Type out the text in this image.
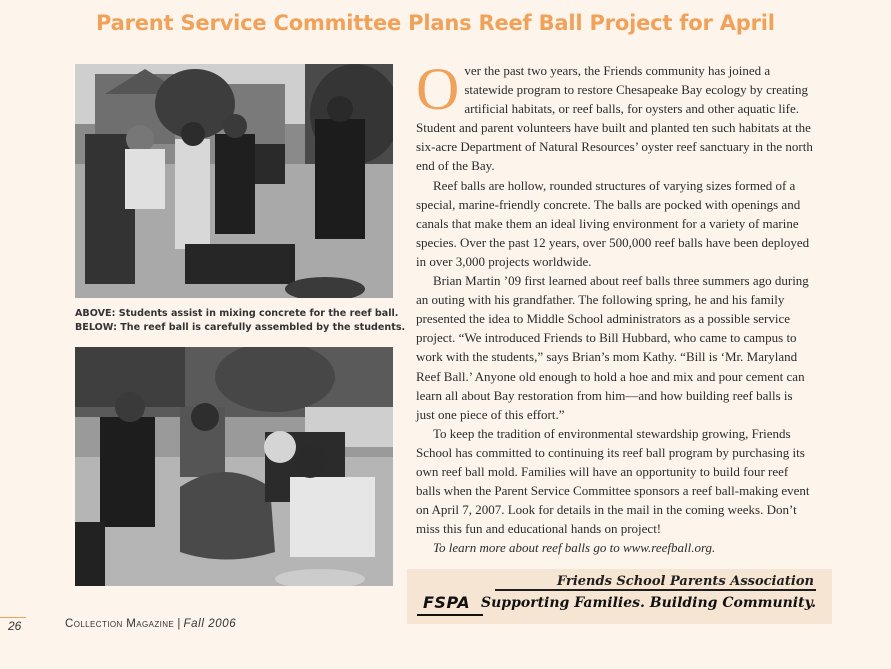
Parent Service Committee Plans Reef Ball Project for April
ABOVE: Students assist in mixing concrete for the reef ball.
BELOW: The reef ball is carefully assembled by the students.

Over the past two years, the Friends community has joined a statewide program to restore Chesapeake Bay ecology by creating artificial habitats, or reef balls, for oysters and other aquatic life. Student and parent volunteers have built and planted ten such habitats at the six-acre Department of Natural Resources’ oyster reef sanctuary in the north end of the Bay.

Reef balls are hollow, rounded structures of varying sizes formed of a special, marine-friendly concrete. The balls are pocked with openings and canals that make them an ideal living environment for a variety of marine species. Over the past 12 years, over 500,000 reef balls have been deployed in over 3,000 projects worldwide.

Brian Martin ’09 first learned about reef balls three summers ago during an outing with his grandfather. The following spring, he and his family presented the idea to Middle School administrators as a possible service project. “We introduced Friends to Bill Hubbard, who came to campus to work with the students,” says Brian’s mom Kathy. “Bill is ‘Mr. Maryland Reef Ball.’ Anyone old enough to hold a hoe and mix and pour cement can learn all about Bay restoration from him—and how building reef balls is just one piece of this effort.”

To keep the tradition of environmental stewardship growing, Friends School has committed to continuing its reef ball program by purchasing its own reef ball mold. Families will have an opportunity to build four reef balls when the Parent Service Committee sponsors a reef ball-making event on April 7, 2007. Look for details in the mail in the coming weeks. Don’t miss this fun and educational hands on project!

To learn more about reef balls go to www.reefball.org.

Friends School Parents Association
FSPA Supporting Families. Building Community.
26	Collection Magazine | Fall 2006
